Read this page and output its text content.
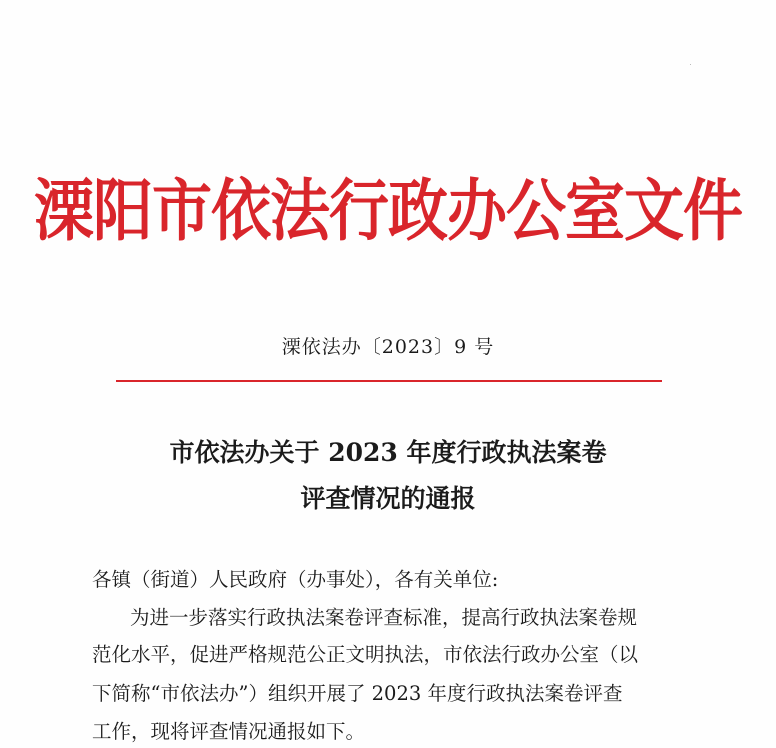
溧阳市依法行政办公室文件
溧依法办〔2023〕9 号
市依法办关于 2023 年度行政执法案卷
评查情况的通报
各镇（街道）人民政府（办事处），各有关单位:
为进一步落实行政执法案卷评查标准，提高行政执法案卷规
范化水平，促进严格规范公正文明执法，市依法行政办公室（以
下简称“市依法办”）组织开展了 2023 年度行政执法案卷评查
工作，现将评查情况通报如下。
